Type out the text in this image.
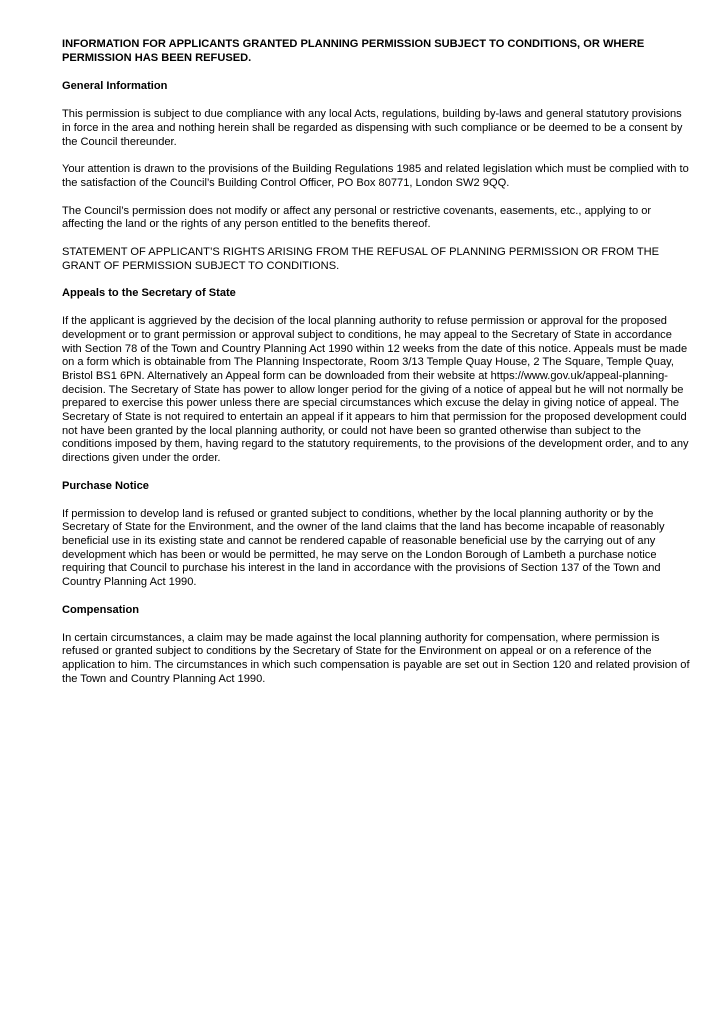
INFORMATION FOR APPLICANTS GRANTED PLANNING PERMISSION SUBJECT TO CONDITIONS, OR WHERE PERMISSION HAS BEEN REFUSED.
General Information

This permission is subject to due compliance with any local Acts, regulations, building by-laws and general statutory provisions in force in the area and nothing herein shall be regarded as dispensing with such compliance or be deemed to be a consent by the Council thereunder.

Your attention is drawn to the provisions of the Building Regulations 1985 and related legislation which must be complied with to the satisfaction of the Council’s Building Control Officer, PO Box 80771, London SW2 9QQ.

The Council’s permission does not modify or affect any personal or restrictive covenants, easements, etc., applying to or affecting the land or the rights of any person entitled to the benefits thereof.

STATEMENT OF APPLICANT’S RIGHTS ARISING FROM THE REFUSAL OF PLANNING PERMISSION OR FROM THE GRANT OF PERMISSION SUBJECT TO CONDITIONS.

Appeals to the Secretary of State

If the applicant is aggrieved by the decision of the local planning authority to refuse permission or approval for the proposed development or to grant permission or approval subject to conditions, he may appeal to the Secretary of State in accordance with Section 78 of the Town and Country Planning Act 1990 within 12 weeks from the date of this notice. Appeals must be made on a form which is obtainable from The Planning Inspectorate, Room 3/13 Temple Quay House, 2 The Square, Temple Quay, Bristol BS1 6PN. Alternatively an Appeal form can be downloaded from their website at https://www.gov.uk/appeal-planning-decision. The Secretary of State has power to allow longer period for the giving of a notice of appeal but he will not normally be prepared to exercise this power unless there are special circumstances which excuse the delay in giving notice of appeal. The Secretary of State is not required to entertain an appeal if it appears to him that permission for the proposed development could not have been granted by the local planning authority, or could not have been so granted otherwise than subject to the conditions imposed by them, having regard to the statutory requirements, to the provisions of the development order, and to any directions given under the order.

Purchase Notice

If permission to develop land is refused or granted subject to conditions, whether by the local planning authority or by the Secretary of State for the Environment, and the owner of the land claims that the land has become incapable of reasonably beneficial use in its existing state and cannot be rendered capable of reasonable beneficial use by the carrying out of any development which has been or would be permitted, he may serve on the London Borough of Lambeth a purchase notice requiring that Council to purchase his interest in the land in accordance with the provisions of Section 137 of the Town and Country Planning Act 1990.

Compensation

In certain circumstances, a claim may be made against the local planning authority for compensation, where permission is refused or granted subject to conditions by the Secretary of State for the Environment on appeal or on a reference of the application to him. The circumstances in which such compensation is payable are set out in Section 120 and related provision of the Town and Country Planning Act 1990.
